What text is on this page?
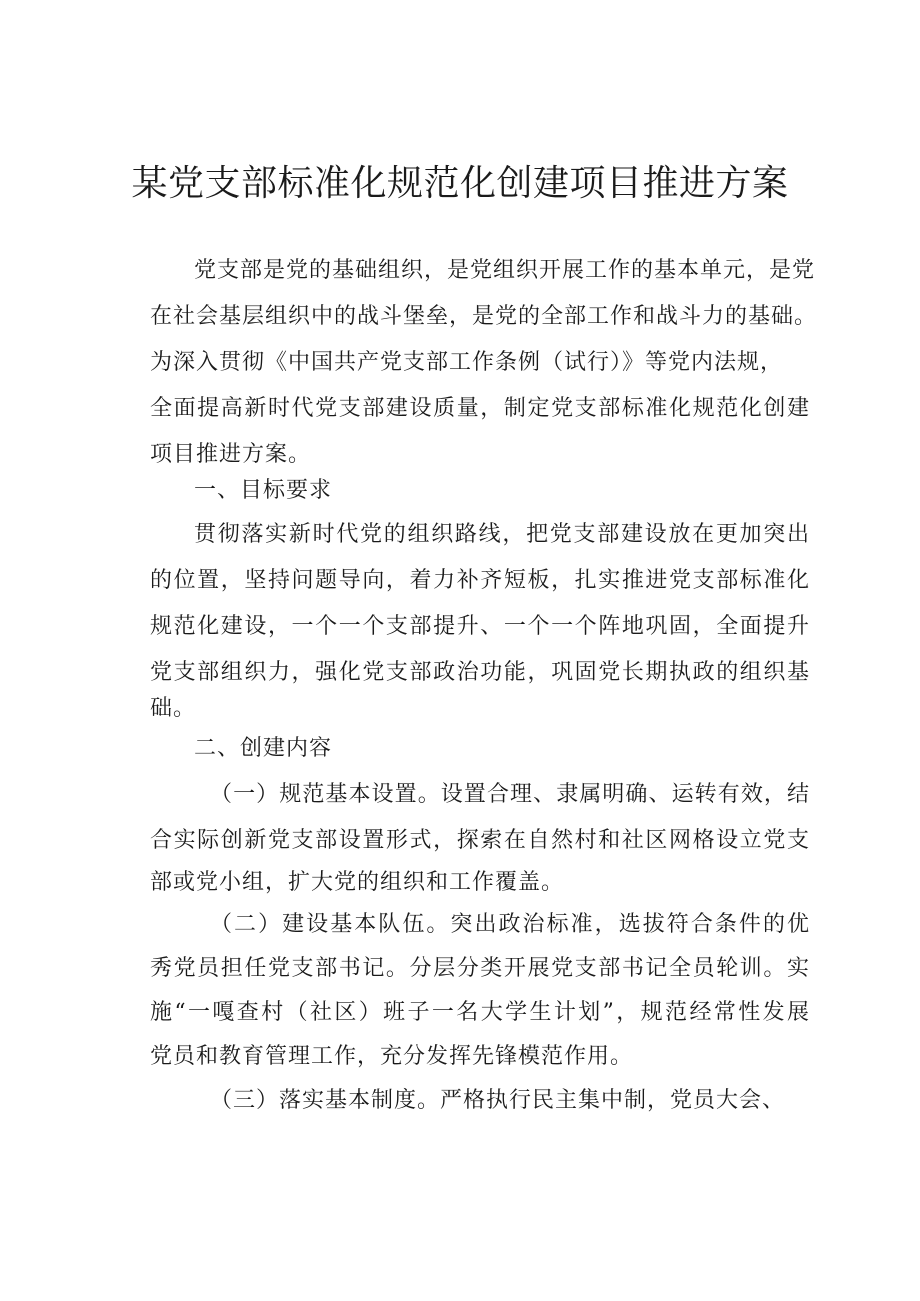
某党支部标准化规范化创建项目推进方案
党支部是党的基础组织，是党组织开展工作的基本单元，是党
在社会基层组织中的战斗堡垒，是党的全部工作和战斗力的基础。
为深入贯彻《中国共产党支部工作条例（试行）》等党内法规，
全面提高新时代党支部建设质量，制定党支部标准化规范化创建
项目推进方案。
一、目标要求
贯彻落实新时代党的组织路线，把党支部建设放在更加突出
的位置，坚持问题导向，着力补齐短板，扎实推进党支部标准化
规范化建设，一个一个支部提升、一个一个阵地巩固，全面提升
党支部组织力，强化党支部政治功能，巩固党长期执政的组织基
础。
二、创建内容
（一）规范基本设置。设置合理、隶属明确、运转有效，结
合实际创新党支部设置形式，探索在自然村和社区网格设立党支
部或党小组，扩大党的组织和工作覆盖。
（二）建设基本队伍。突出政治标准，选拔符合条件的优
秀党员担任党支部书记。分层分类开展党支部书记全员轮训。实
施“一嘎查村（社区）班子一名大学生计划”，规范经常性发展
党员和教育管理工作，充分发挥先锋模范作用。
（三）落实基本制度。严格执行民主集中制，党员大会、
